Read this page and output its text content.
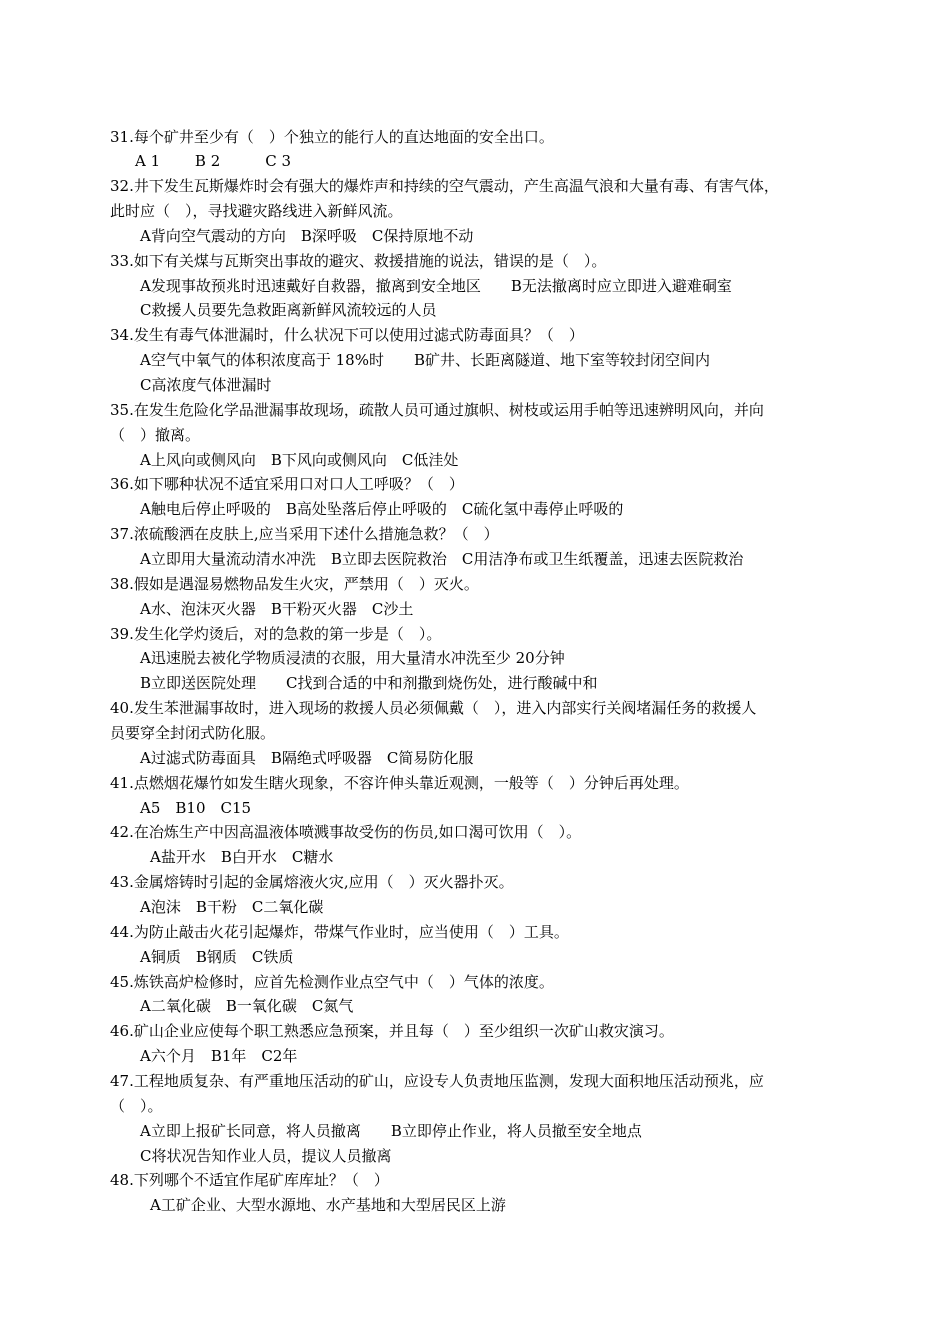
31.每个矿井至少有（　）个独立的能行人的直达地面的安全出口。
A 1　　 B 2　　　C 3
32.井下发生瓦斯爆炸时会有强大的爆炸声和持续的空气震动，产生高温气浪和大量有毒、有害气体，
此时应（　），寻找避灾路线进入新鲜风流。
A背向空气震动的方向　B深呼吸　C保持原地不动
33.如下有关煤与瓦斯突出事故的避灾、救援措施的说法，错误的是（　）。
A发现事故预兆时迅速戴好自救器，撤离到安全地区　　B无法撤离时应立即进入避难硐室
C救援人员要先急救距离新鲜风流较远的人员
34.发生有毒气体泄漏时，什么状况下可以使用过滤式防毒面具？（　）
A空气中氧气的体积浓度高于 18%时　　B矿井、长距离隧道、地下室等较封闭空间内
C高浓度气体泄漏时
35.在发生危险化学品泄漏事故现场，疏散人员可通过旗帜、树枝或运用手帕等迅速辨明风向，并向
（　）撤离。
A上风向或侧风向　B下风向或侧风向　C低洼处
36.如下哪种状况不适宜采用口对口人工呼吸？（　）
A触电后停止呼吸的　B高处坠落后停止呼吸的　C硫化氢中毒停止呼吸的
37.浓硫酸洒在皮肤上,应当采用下述什么措施急救？（　）
A立即用大量流动清水冲洗　B立即去医院救治　C用洁净布或卫生纸覆盖，迅速去医院救治
38.假如是遇湿易燃物品发生火灾，严禁用（　）灭火。
A水、泡沫灭火器　B干粉灭火器　C沙土
39.发生化学灼烫后，对的急救的第一步是（　）。
A迅速脱去被化学物质浸渍的衣服，用大量清水冲洗至少 20分钟
B立即送医院处理　　C找到合适的中和剂撒到烧伤处，进行酸碱中和
40.发生苯泄漏事故时，进入现场的救援人员必须佩戴（　），进入内部实行关阀堵漏任务的救援人
员要穿全封闭式防化服。
A过滤式防毒面具　B隔绝式呼吸器　C简易防化服
41.点燃烟花爆竹如发生瞎火现象，不容许伸头靠近观测，一般等（　）分钟后再处理。
A5　B10　C15
42.在冶炼生产中因高温液体喷溅事故受伤的伤员,如口渴可饮用（　）。
A盐开水　B白开水　C糖水
43.金属熔铸时引起的金属熔液火灾,应用（　）灭火器扑灭。
A泡沫　B干粉　C二氧化碳
44.为防止敲击火花引起爆炸，带煤气作业时，应当使用（　）工具。
A铜质　B钢质　C铁质
45.炼铁高炉检修时，应首先检测作业点空气中（　）气体的浓度。
A二氧化碳　B一氧化碳　C氮气
46.矿山企业应使每个职工熟悉应急预案，并且每（　）至少组织一次矿山救灾演习。
A六个月　B1年　C2年
47.工程地质复杂、有严重地压活动的矿山，应设专人负责地压监测，发现大面积地压活动预兆，应
（　）。
A立即上报矿长同意，将人员撤离　　B立即停止作业，将人员撤至安全地点
C将状况告知作业人员，提议人员撤离
48.下列哪个不适宜作尾矿库库址？（　）
A工矿企业、大型水源地、水产基地和大型居民区上游
